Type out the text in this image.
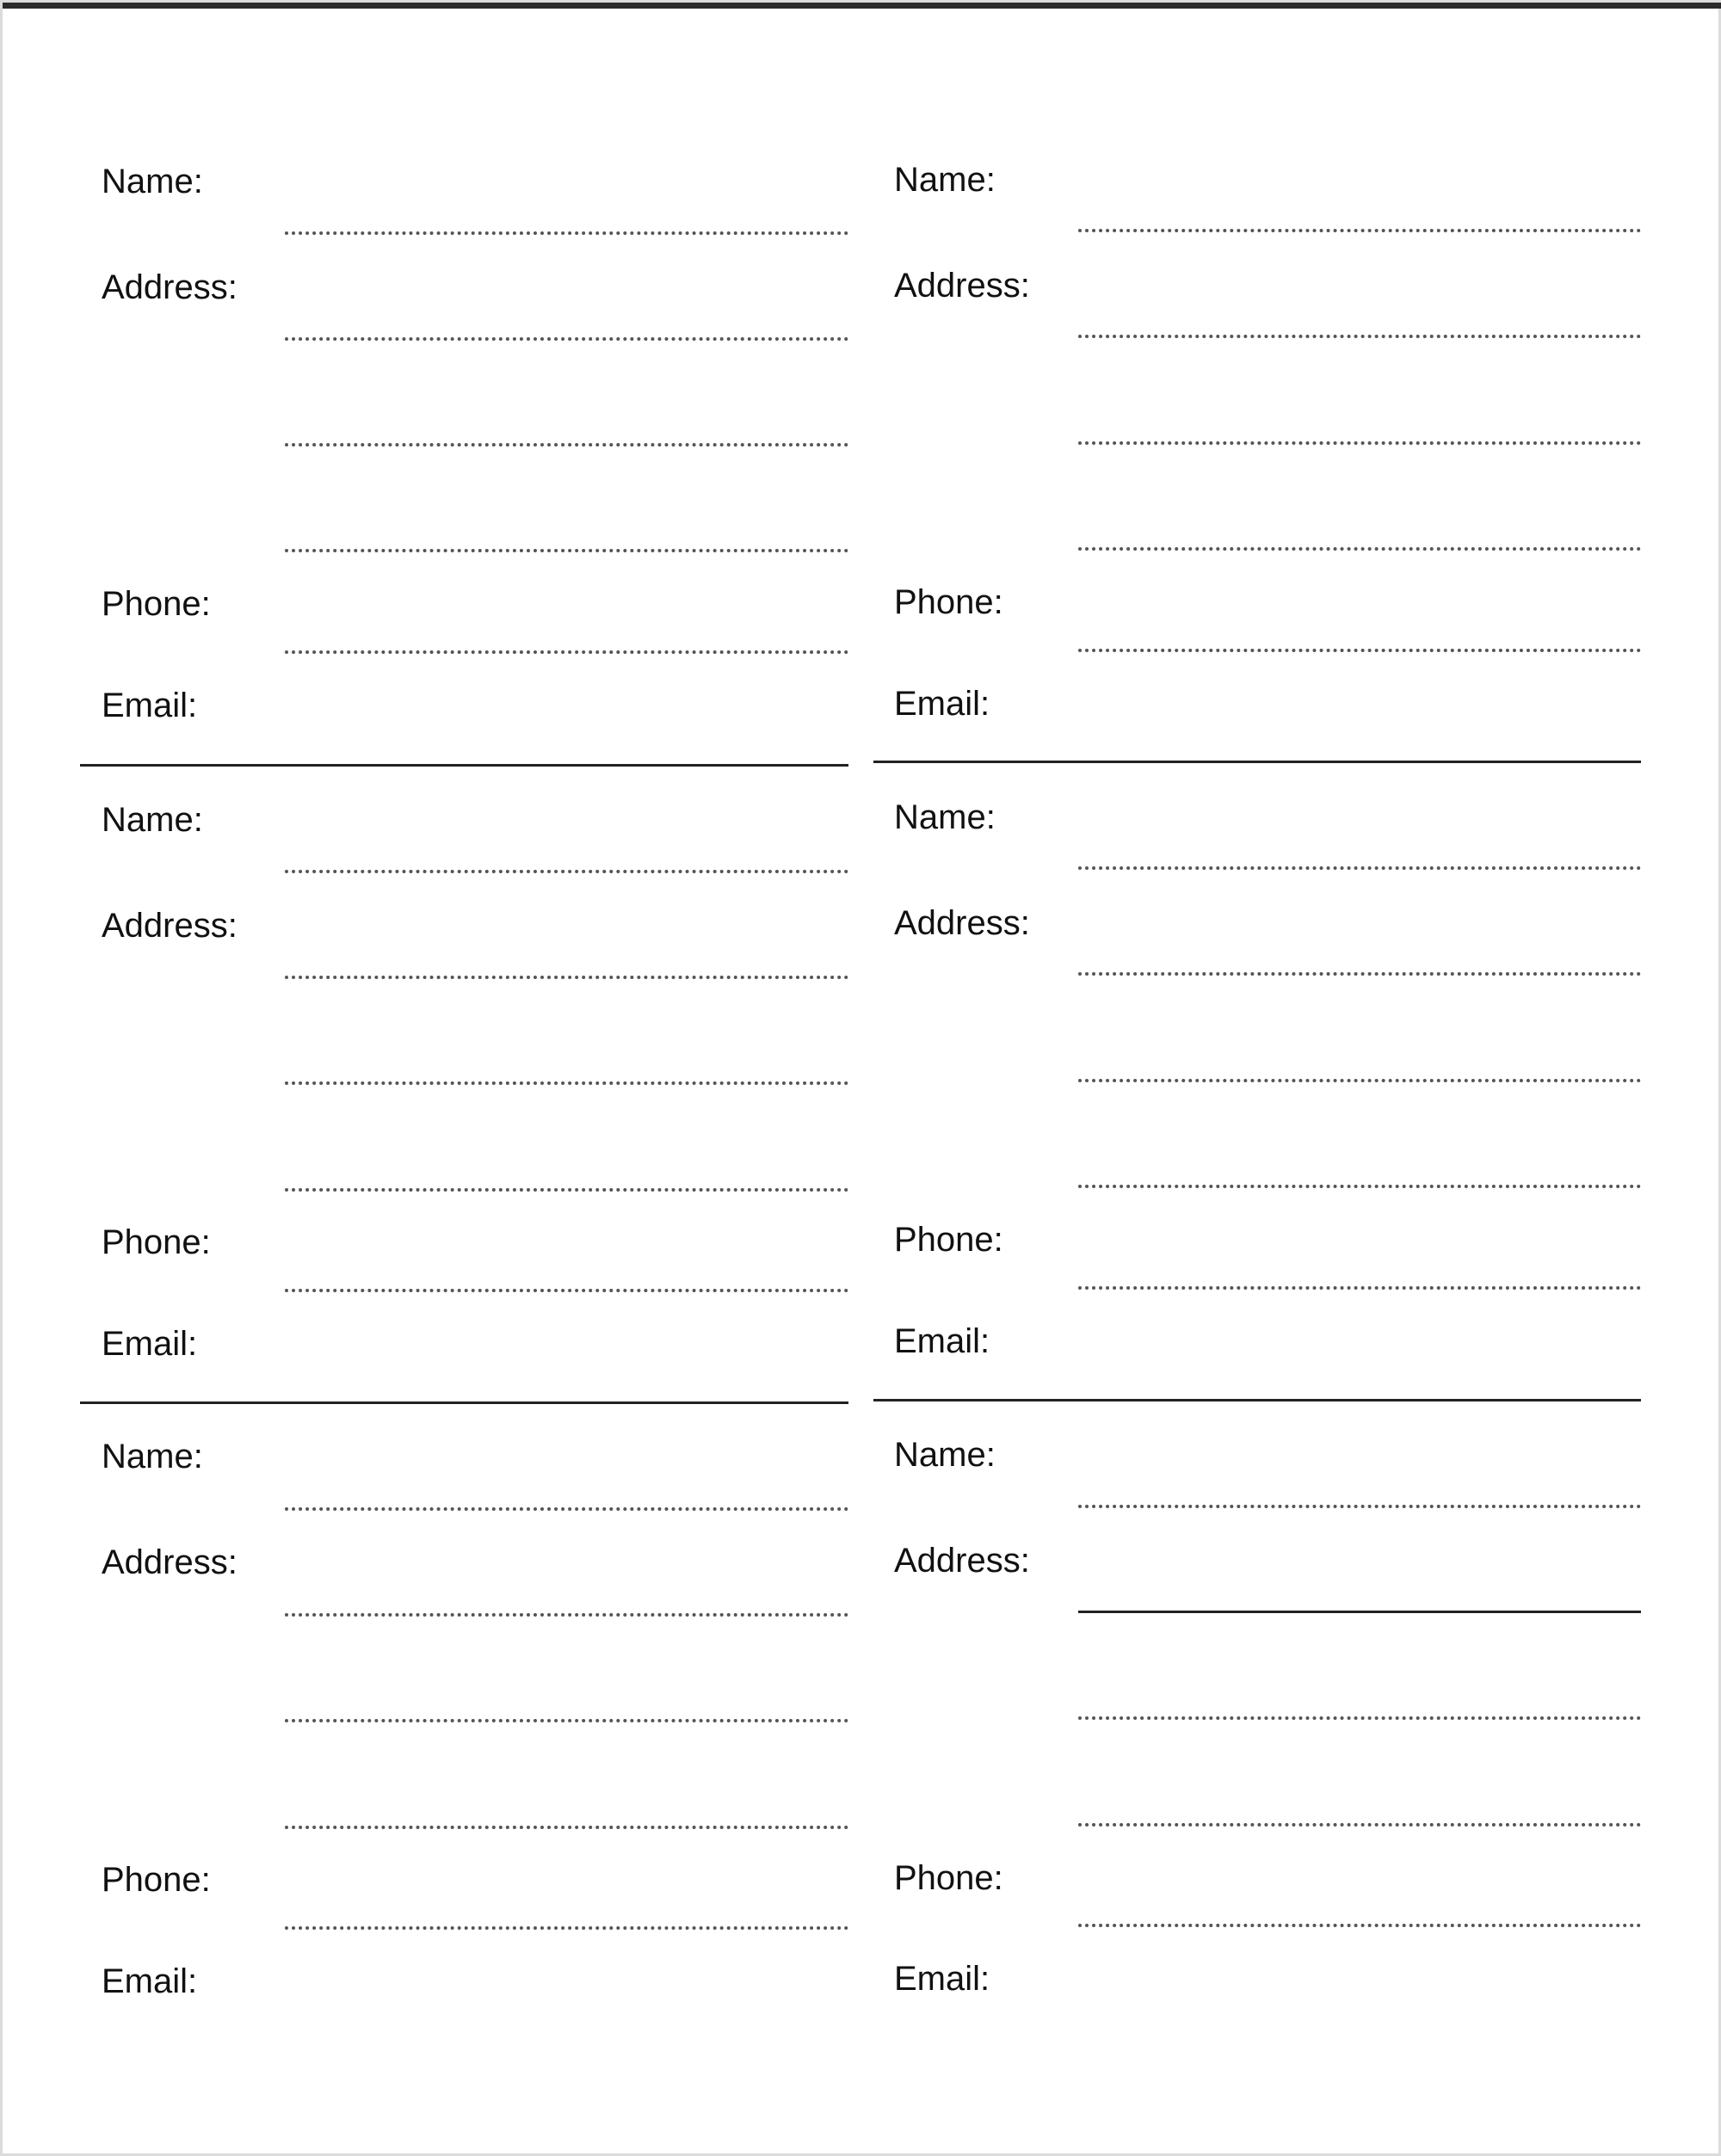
Name:
Address:
Phone:
Email:
Name:
Address:
Phone:
Email:
Name:
Address:
Phone:
Email:
Name:
Address:
Phone:
Email:
Name:
Address:
Phone:
Email:
Name:
Address:
Phone:
Email:
